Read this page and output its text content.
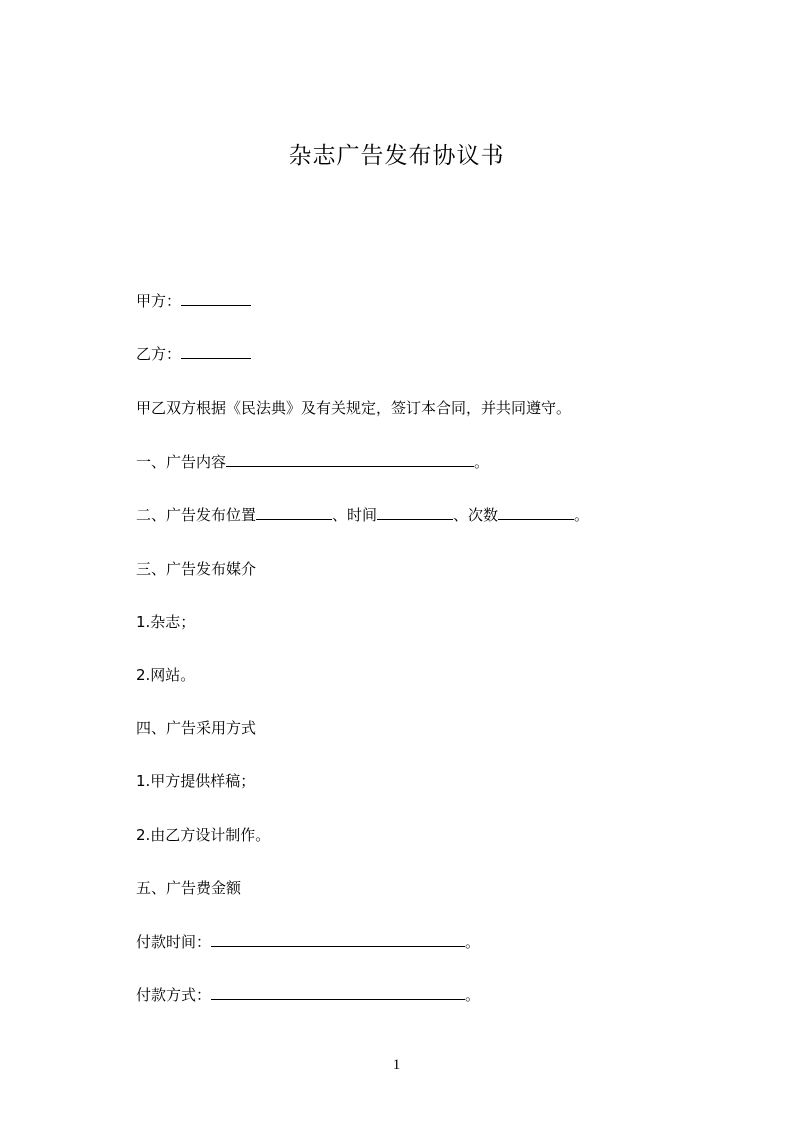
杂志广告发布协议书
甲方：
乙方：
甲乙双方根据《民法典》及有关规定，签订本合同，并共同遵守。
一、广告内容	。
二、广告发布位置	、时间	、次数	。
三、广告发布媒介
1.杂志；
2.网站。
四、广告采用方式
1.甲方提供样稿；
2.由乙方设计制作。
五、广告费金额
付款时间：	。
付款方式：	。
1
